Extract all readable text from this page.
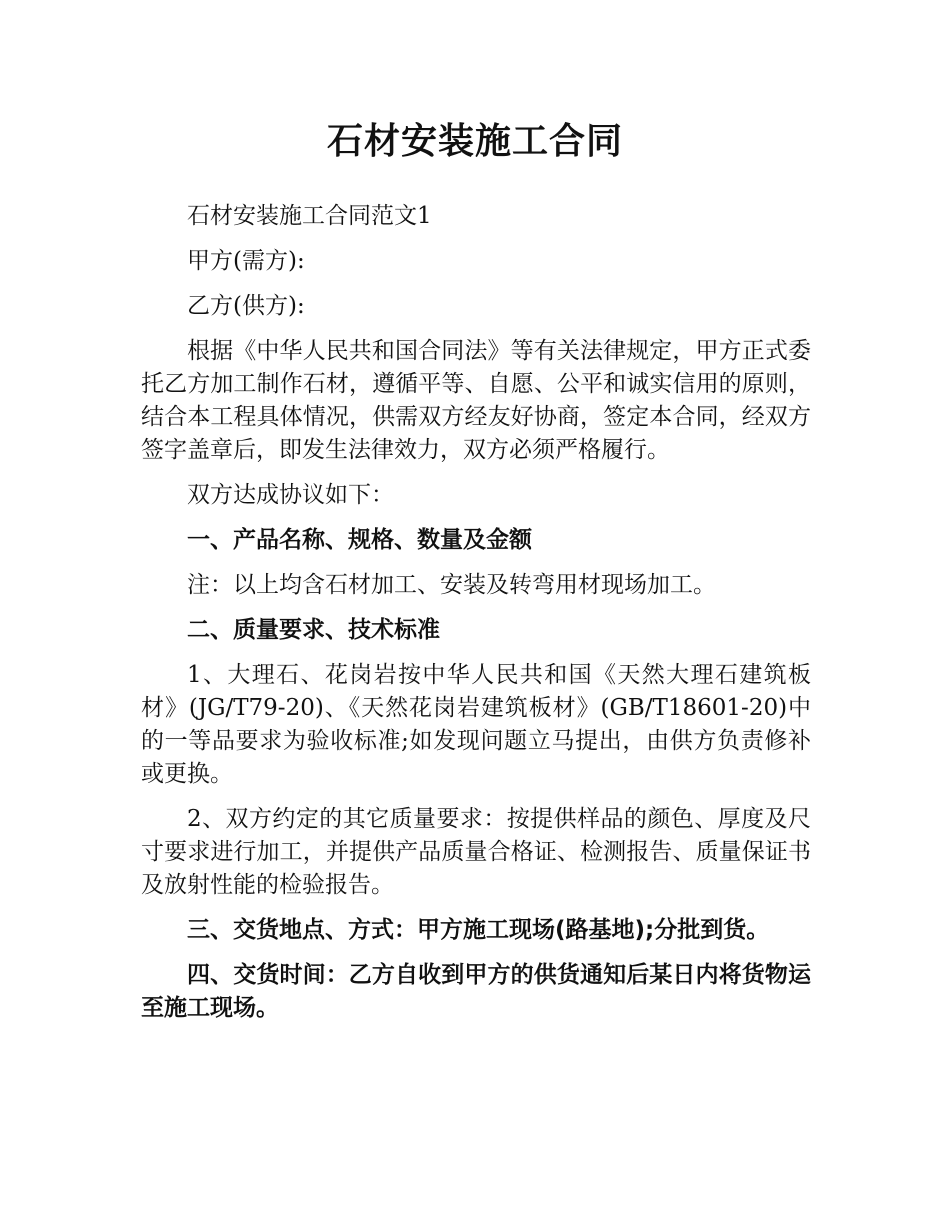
石材安装施工合同

石材安装施工合同范文1

甲方(需方):

乙方(供方):

根据《中华人民共和国合同法》等有关法律规定，甲方正式委托乙方加工制作石材，遵循平等、自愿、公平和诚实信用的原则，结合本工程具体情况，供需双方经友好协商，签定本合同，经双方签字盖章后，即发生法律效力，双方必须严格履行。

双方达成协议如下：

一、产品名称、规格、数量及金额

注：以上均含石材加工、安装及转弯用材现场加工。

二、质量要求、技术标准

1、大理石、花岗岩按中华人民共和国《天然大理石建筑板材》(JG/T79-20)、《天然花岗岩建筑板材》(GB/T18601-20)中的一等品要求为验收标准;如发现问题立马提出，由供方负责修补或更换。

2、双方约定的其它质量要求：按提供样品的颜色、厚度及尺寸要求进行加工，并提供产品质量合格证、检测报告、质量保证书及放射性能的检验报告。

三、交货地点、方式：甲方施工现场(路基地);分批到货。

四、交货时间：乙方自收到甲方的供货通知后某日内将货物运至施工现场。
